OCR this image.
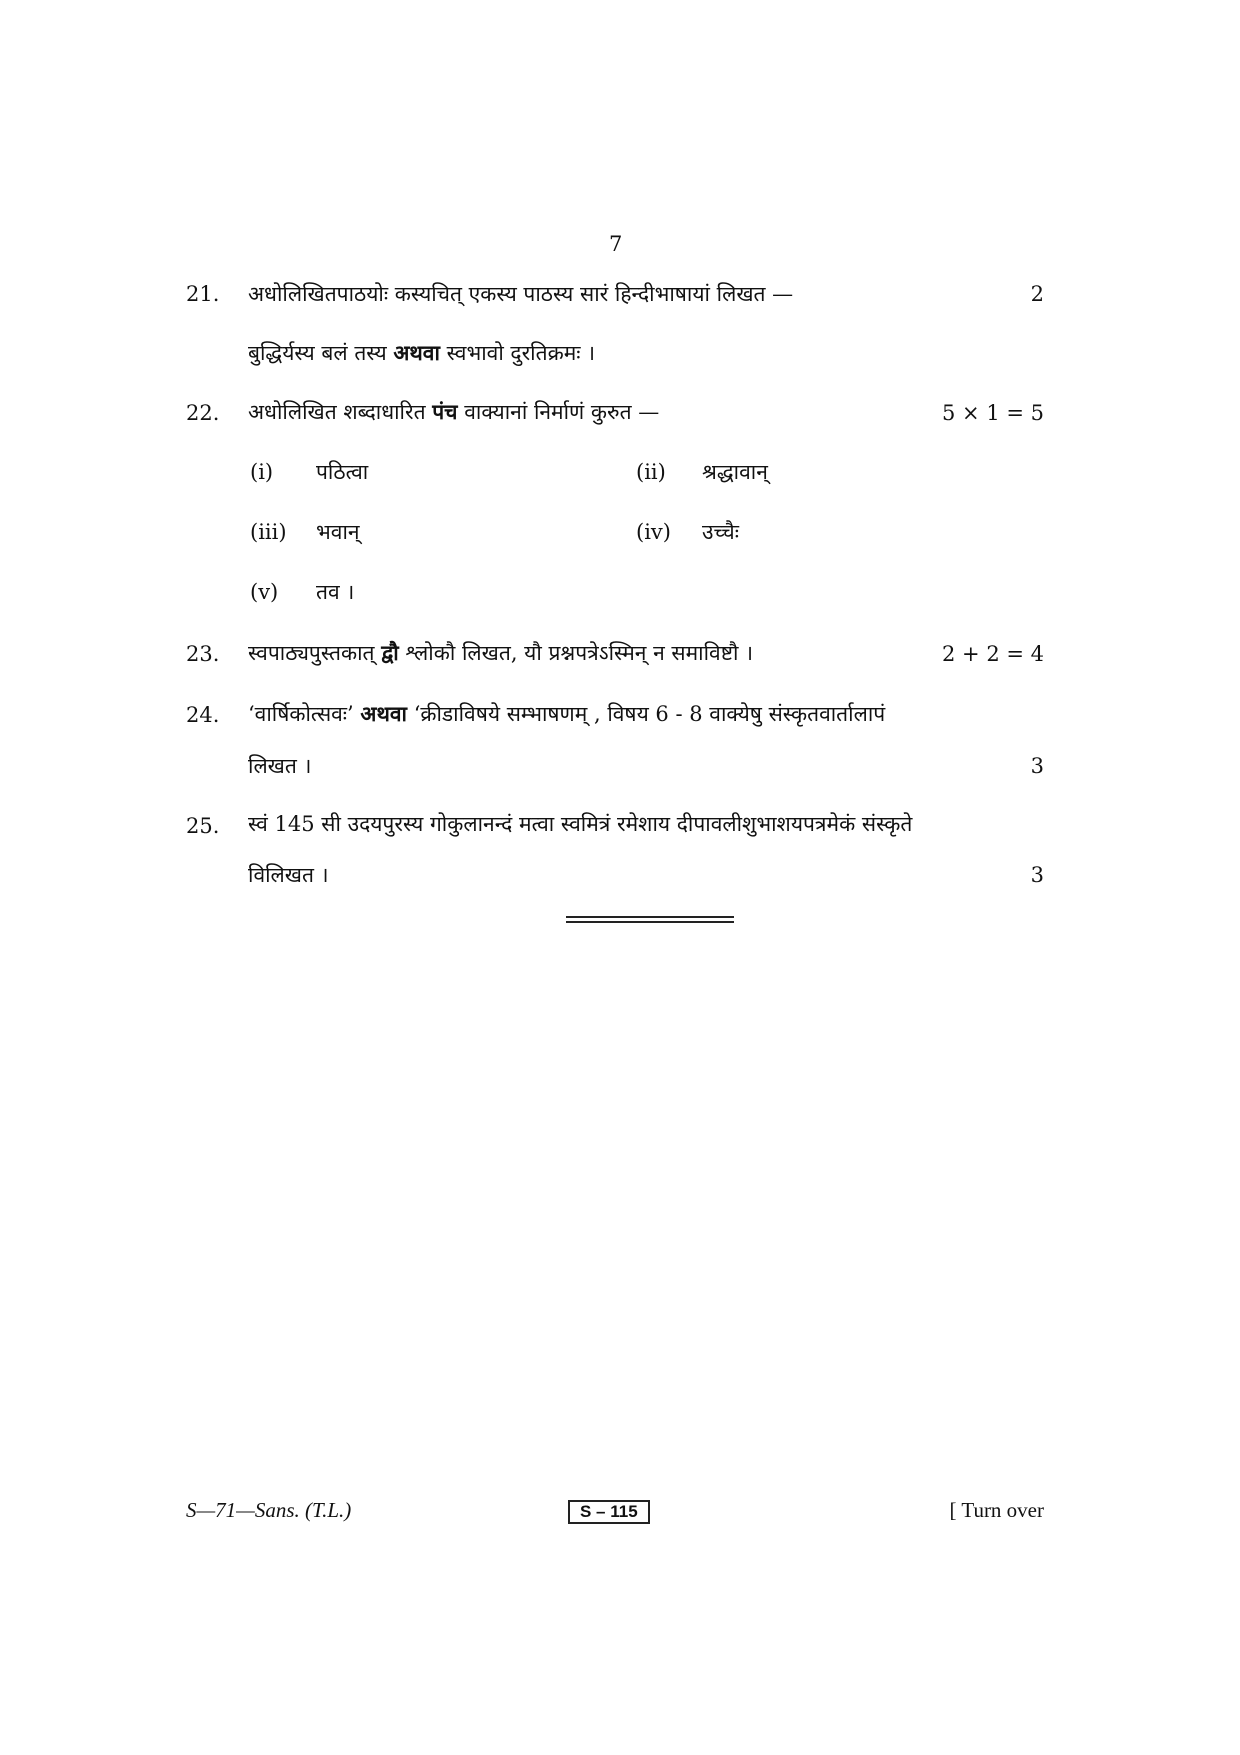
7
21. अधोलिखितपाठयोः कस्यचित् एकस्य पाठस्य सारं हिन्दीभाषायां लिखत —	2
बुद्धिर्यस्य बलं तस्य अथवा स्वभावो दुरतिक्रमः ।
22. अधोलिखित शब्दाधारित पंच वाक्यानां निर्माणं कुरुत —	5 × 1 = 5
(i) पठित्वा	(ii) श्रद्धावान्
(iii) भवान्	(iv) उच्चैः
(v) तव ।
23. स्वपाठ्यपुस्तकात् द्वौ श्लोकौ लिखत, यौ प्रश्नपत्रेऽस्मिन् न समाविष्टौ ।	2 + 2 = 4
24. ‘वार्षिकोत्सवः’ अथवा ‘क्रीडाविषये सम्भाषणम् , विषय 6 - 8 वाक्येषु संस्कृतवार्तालापं
लिखत ।	3
25. स्वं 145 सी उदयपुरस्य गोकुलानन्दं मत्वा स्वमित्रं रमेशाय दीपावलीशुभाशयपत्रमेकं संस्कृते
विलिखत ।	3
S—71—Sans. (T.L.)	S – 115	[ Turn over
